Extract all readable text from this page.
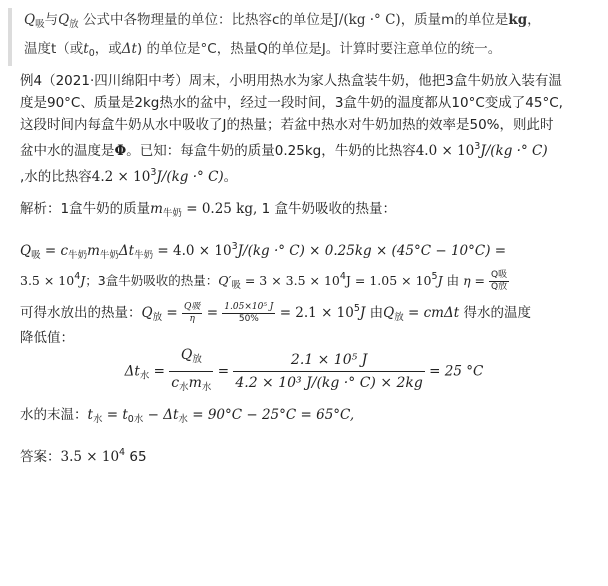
$Q_吸$与$Q_放$ 公式中各物理量的单位：比热容c的单位是J/(kg ·° C)，质量m的单位是kg，
温度t（或$t_0$，或Δt) 的单位是°C，热量Q的单位是J。计算时要注意单位的统一。
例4（2021·四川绵阳中考）周末，小明用热水为家人热盒装牛奶，他把3盒牛奶放入装有温
度是90°C、质量是2kg热水的盆中，经过一段时间，3盒牛奶的温度都从10°C变成了45°C,
这段时间内每盒牛奶从水中吸收了J的热量；若盆中热水对牛奶加热的效率是50%，则此时
盆中水的温度是Φ。已知：每盒牛奶的质量0.25kg，牛奶的比热容$4.0 \times 10^3J/(kg$ ·° C)
,水的比热容$4.2 \times 10^3J/(kg$ ·° C)。
解析：1盒牛奶的质量$m_{牛奶} = 0.25$ kg, 1 盒牛奶吸收的热量：
$Q_吸 = c_{牛奶}m_{牛奶}\Delta t_{牛奶} = 4.0 \times 10^3J/(kg$ ·° C) × 0.25kg × (45°C − 10°C) =
$3.5 \times 10^4J$；3盒牛奶吸收的热量：$Q'_吸 = 3 \times 3.5 \times 10^4J = 1.05 \times 10^5J$ 由 $\eta = \frac{\text{Q吸}}{\text{Q放}}$
可得水放出的热量：$Q_放 = \frac{\text{Q吸}}{\eta} = \frac{\text{1.05×10⁵ J}}{50\%} = 2.1 \times 10^5J$ 由$Q_放 = cm\Delta t$ 得水的温度
降低值：
$\Delta t_水 = \frac{Q_放}{c_水m_水} = \frac{\text{2.1 × 10⁵ J}}{\text{4.2 × 10³ J/(kg ·° C) × 2kg}} = 25$ °C
水的末温：$t_水 = t_{0水} - \Delta t_水 = 90^\circ C - 25^\circ C = 65^\circ C$,
答案：$3.5 \times 10^4$ 65
